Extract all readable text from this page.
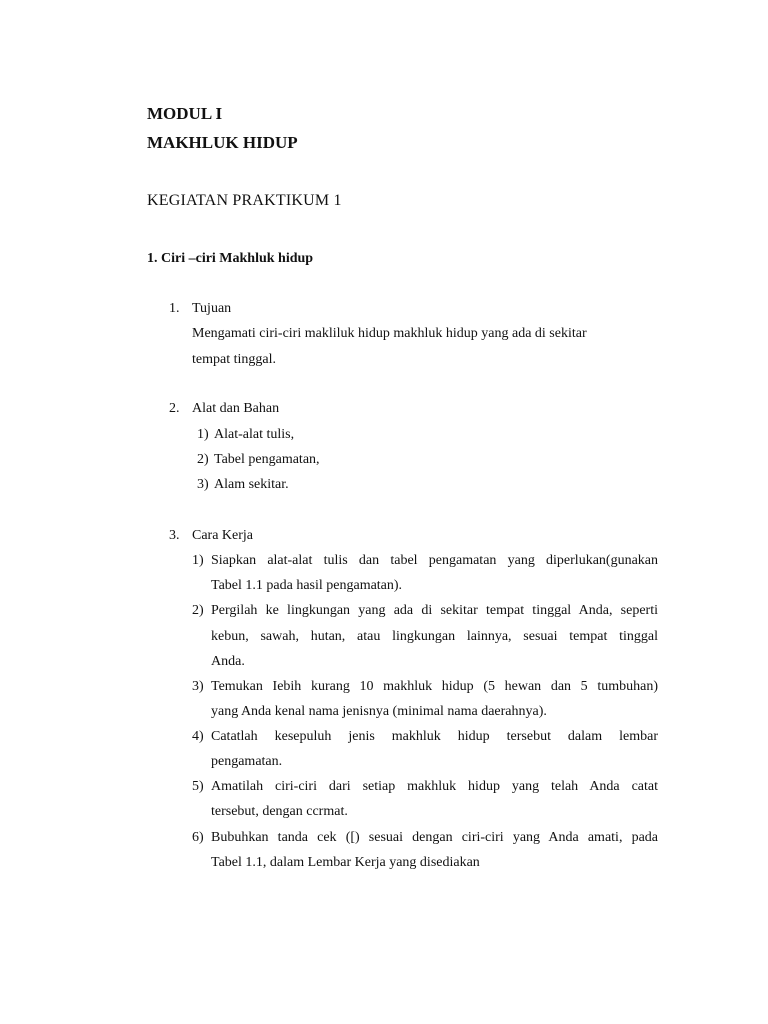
MODUL I
MAKHLUK HIDUP
KEGIATAN PRAKTIKUM 1
1. Ciri –ciri Makhluk hidup
1. Tujuan
Mengamati ciri-ciri makliluk hidup makhluk hidup yang ada di sekitar
tempat tinggal.
2. Alat dan Bahan
1) Alat-alat tulis,
2) Tabel pengamatan,
3) Alam sekitar.
3. Cara Kerja
1) Siapkan alat-alat tulis dan tabel pengamatan yang diperlukan(gunakan
Tabel 1.1 pada hasil pengamatan).
2) Pergilah ke lingkungan yang ada di sekitar tempat tinggal Anda, seperti
kebun, sawah, hutan, atau lingkungan lainnya, sesuai tempat tinggal
Anda.
3) Temukan Iebih kurang 10 makhluk hidup (5 hewan dan 5 tumbuhan)
yang Anda kenal nama jenisnya (minimal nama daerahnya).
4) Catatlah kesepuluh jenis makhluk hidup tersebut dalam lembar
pengamatan.
5) Amatilah ciri-ciri dari setiap makhluk hidup yang telah Anda catat
tersebut, dengan ccrmat.
6) Bubuhkan tanda cek ([) sesuai dengan ciri-ciri yang Anda amati, pada
Tabel 1.1, dalam Lembar Kerja yang disediakan
